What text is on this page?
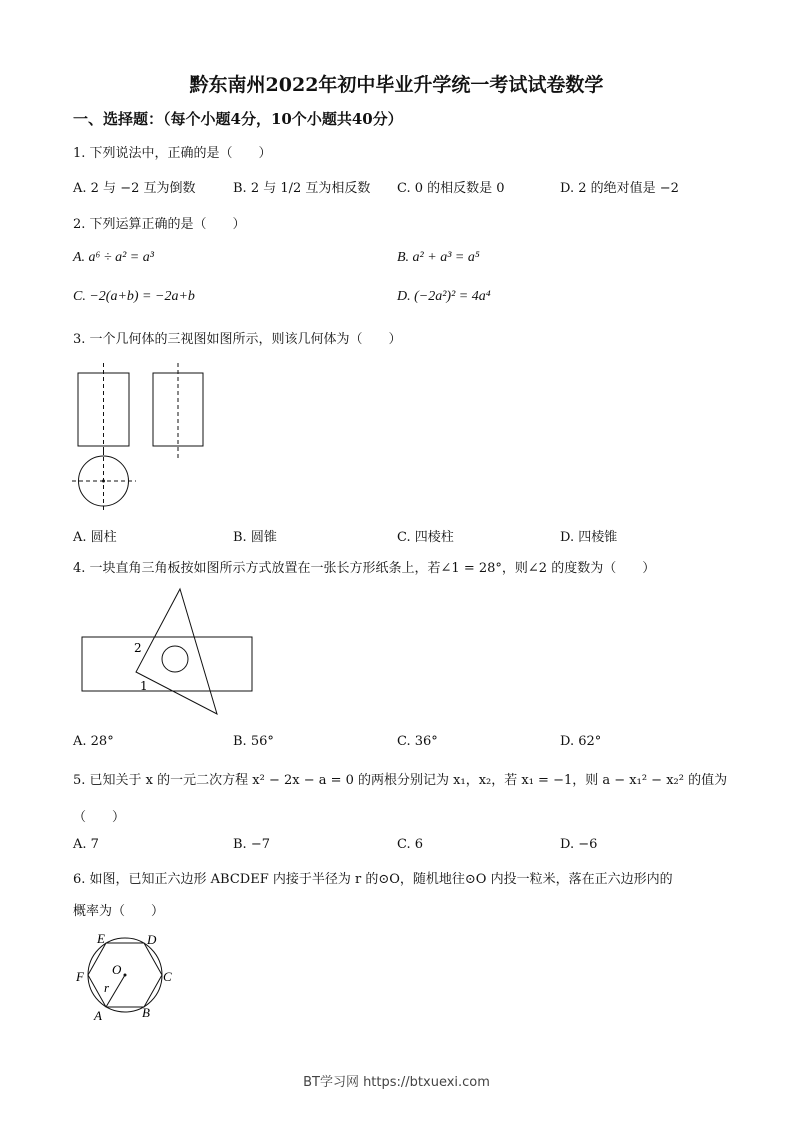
黔东南州2022年初中毕业升学统一考试试卷数学
一、选择题：（每个小题4分，10个小题共40分）
1. 下列说法中，正确的是（　　）
A. 2 与 −2 互为倒数	B. 2 与 1/2 互为相反数 C. 0 的相反数是 0	D. 2 的绝对值是 −2
2. 下列运算正确的是（　　）
A. a⁶ ÷ a² = a³	B. a² + a³ = a⁵
C. −2(a+b) = −2a+b	D. (−2a²)² = 4a⁴
3. 一个几何体的三视图如图所示，则该几何体为（　　）
A. 圆柱	B. 圆锥	C. 四棱柱	D. 四棱锥
4. 一块直角三角板按如图所示方式放置在一张长方形纸条上，若∠1 = 28°，则∠2 的度数为（　　）
2
1
A. 28°	B. 56°	C. 36°	D. 62°
5. 已知关于 x 的一元二次方程 x² − 2x − a = 0 的两根分别记为 x₁，x₂，若 x₁ = −1，则 a − x₁² − x₂² 的值为
（　　）
A. 7	B. −7	C. 6	D. −6
6. 如图，已知正六边形 ABCDEF 内接于半径为 r 的⊙O，随机地往⊙O 内投一粒米，落在正六边形内的
概率为（　　）
E	D
F O	C
r
A	B
BT学习网 https://btxuexi.com
